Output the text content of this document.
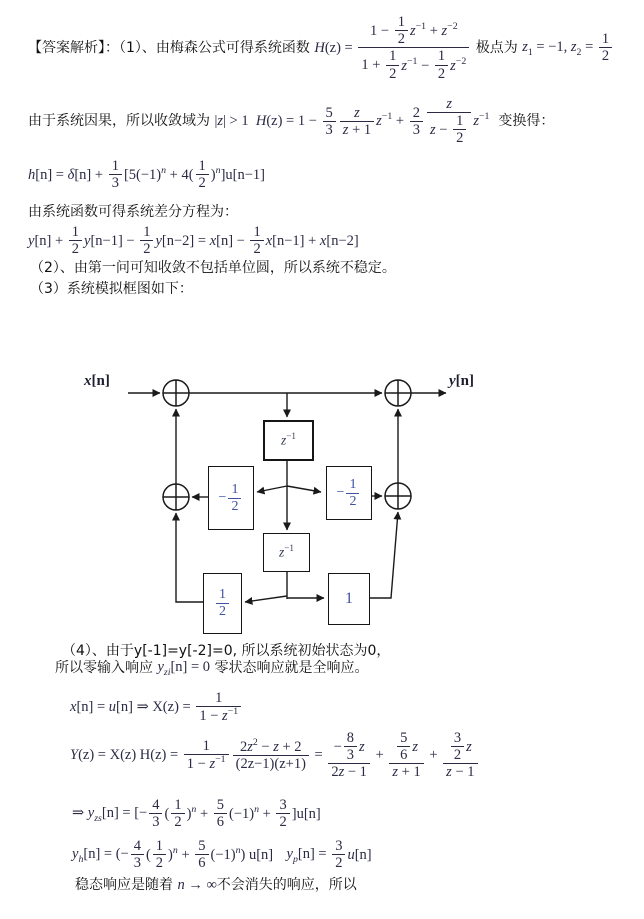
【答案解析】：（1）、由梅森公式可得系统函数 $H(z) = \frac{1 - \frac{1}{2} z^{-1} + z^{-2}}{1 + \frac{1}{2} z^{-1} - \frac{1}{2} z^{-2}}$ 极点为 $z_1 = -1$, $z_2 = \frac{1}{2}$
由于系统因果，所以收敛域为 |z| > 1 $H(z) = 1 - \frac{5}{3} \frac{z}{z + 1} z^{-1} + \frac{2}{3} \frac{z}{z - \frac{1}{2}} z^{-1}$ 变换得：
$h[n] = \delta[n] + \frac{1}{3} [5(-1)^n + 4( \frac{1}{2} )^n]u[n-1]$
由系统函数可得系统差分方程为：
$y[n] + \frac{1}{2} y[n-1] - \frac{1}{2} y[n-2] = x[n] - \frac{1}{2} x[n-1] + x[n-2]$
（2）、由第一问可知收敛不包括单位圆，所以系统不稳定。
（3）系统模拟框图如下：
x[n]	y[n]
$z^{-1}$
$z^{-1}$
− $\frac{1}{2}$	− $\frac{1}{2}$
$\frac{1}{2}$	1
（4）、由于y[-1]=y[-2]=0, 所以系统初始状态为0，
所以零输入响应 $y_{zi}[n] = 0$ 零状态响应就是全响应。
x[n] = u[n] ⇒ $X(z) = \frac{1}{1 - z^{-1}}$
Y(z) = X(z) $H(z) = \frac{1}{1 - z^{-1}} \frac{2z^2 - z + 2}{(2z-1)(z+1)} = \frac{- \frac{8}{3} z}{2z - 1} + \frac{\frac{5}{6} z}{z + 1} + \frac{\frac{3}{2} z}{z - 1}$
⇒ $y_{zs}[n]$ = [− $\frac{4}{3}$ ( $\frac{1}{2} )^n + \frac{5}{6} (-1)^n + \frac{3}{2} ]u[n]$
$y_h[n]$ = (− $\frac{4}{3}$ ( $\frac{1}{2} )^n + \frac{5}{6} (-1)^n$) u[n]
$y_p[n] = \frac{3}{2} u[n]$
稳态响应是随着 n → ∞ 不会消失的响应，所以
